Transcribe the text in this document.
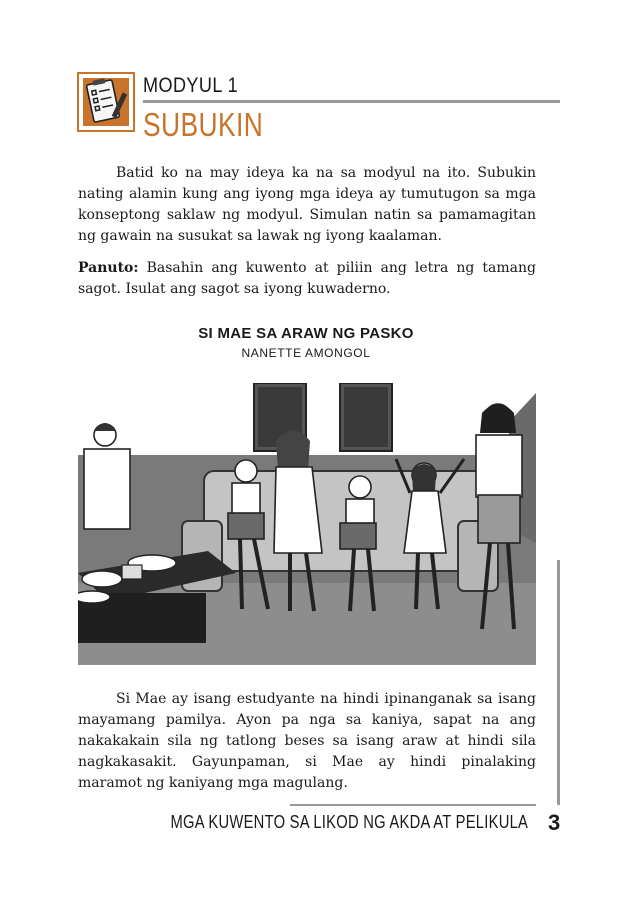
MODYUL 1
SUBUKIN

Batid ko na may ideya ka na sa modyul na ito. Subukin nating alamin kung ang iyong mga ideya ay tumutugon sa mga konseptong saklaw ng modyul. Simulan natin sa pamamagitan ng gawain na susukat sa lawak ng iyong kaalaman.

Panuto: Basahin ang kuwento at piliin ang letra ng tamang sagot. Isulat ang sagot sa iyong kuwaderno.

SI MAE SA ARAW NG PASKO
NANETTE AMONGOL

Si Mae ay isang estudyante na hindi ipinanganak sa isang mayamang pamilya. Ayon pa nga sa kaniya, sapat na ang nakakakain sila ng tatlong beses sa isang araw at hindi sila nagkakasakit. Gayunpaman, si Mae ay hindi pinalaking maramot ng kaniyang mga magulang.

MGA KUWENTO SA LIKOD NG AKDA AT PELIKULA 3
